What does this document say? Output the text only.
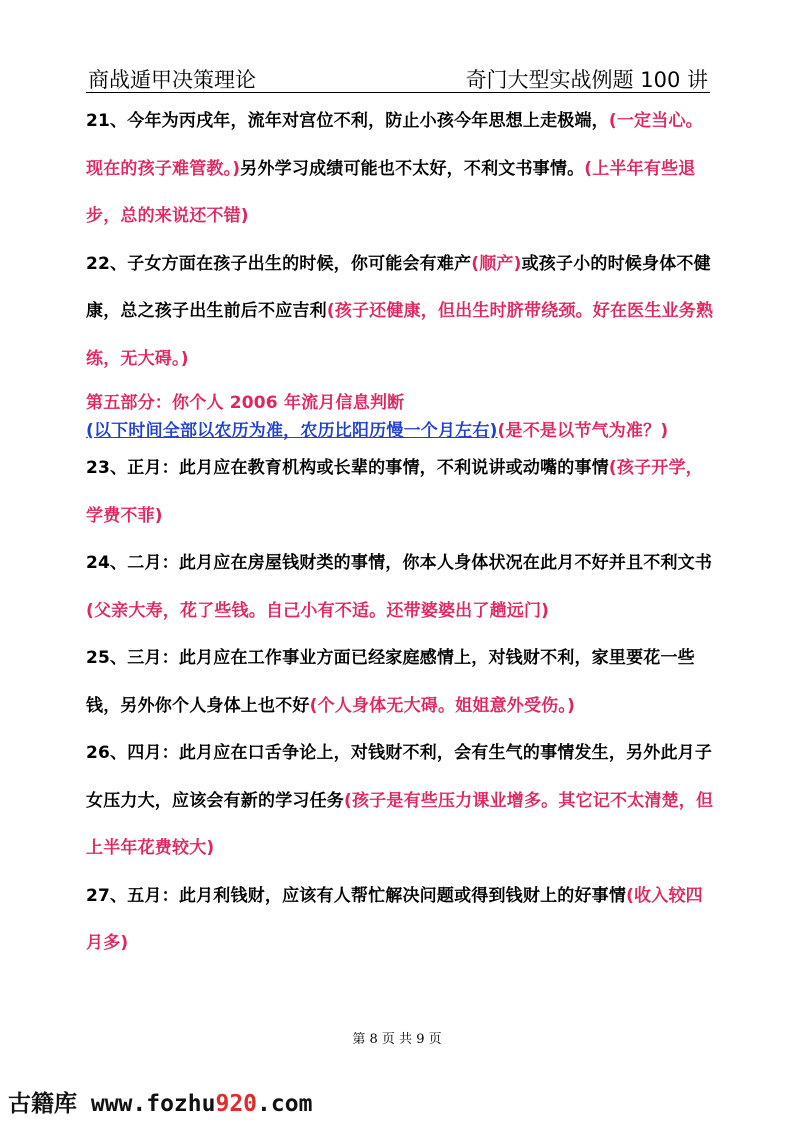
商战遁甲决策理论	奇门大型实战例题 100 讲

21、今年为丙戌年，流年对宫位不利，防止小孩今年思想上走极端，(一定当心。现在的孩子难管教。)另外学习成绩可能也不太好，不利文书事情。(上半年有些退步，总的来说还不错)

22、子女方面在孩子出生的时候，你可能会有难产(顺产)或孩子小的时候身体不健康，总之孩子出生前后不应吉利(孩子还健康，但出生时脐带绕颈。好在医生业务熟练，无大碍。)

第五部分：你个人 2006 年流月信息判断

(以下时间全部以农历为准，农历比阳历慢一个月左右)(是不是以节气为准？)

23、正月：此月应在教育机构或长辈的事情，不利说讲或动嘴的事情(孩子开学，学费不菲)

24、二月：此月应在房屋钱财类的事情，你本人身体状况在此月不好并且不利文书(父亲大寿，花了些钱。自己小有不适。还带婆婆出了趟远门)

25、三月：此月应在工作事业方面已经家庭感情上，对钱财不利，家里要花一些钱，另外你个人身体上也不好(个人身体无大碍。姐姐意外受伤。)

26、四月：此月应在口舌争论上，对钱财不利，会有生气的事情发生，另外此月子女压力大，应该会有新的学习任务(孩子是有些压力课业增多。其它记不太清楚，但上半年花费较大)

27、五月：此月利钱财，应该有人帮忙解决问题或得到钱财上的好事情(收入较四月多)

第 8 页 共 9 页
古籍库 www.fozhu920.com
